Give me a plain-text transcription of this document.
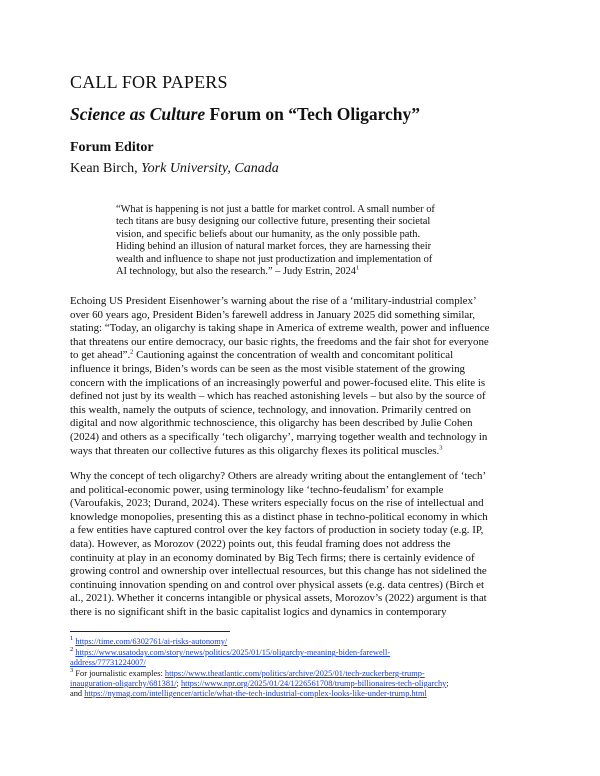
CALL FOR PAPERS
Science as Culture Forum on “Tech Oligarchy”
Forum Editor
Kean Birch, York University, Canada
“What is happening is not just a battle for market control. A small number of
tech titans are busy designing our collective future, presenting their societal
vision, and specific beliefs about our humanity, as the only possible path.
Hiding behind an illusion of natural market forces, they are harnessing their
wealth and influence to shape not just productization and implementation of
AI technology, but also the research.” – Judy Estrin, 2024$^1$
Echoing US President Eisenhower’s warning about the rise of a ‘military-industrial complex’
over 60 years ago, President Biden’s farewell address in January 2025 did something similar,
stating: “Today, an oligarchy is taking shape in America of extreme wealth, power and influence
that threatens our entire democracy, our basic rights, the freedoms and the fair shot for everyone
to get ahead”.$^2$ Cautioning against the concentration of wealth and concomitant political
influence it brings, Biden’s words can be seen as the most visible statement of the growing
concern with the implications of an increasingly powerful and power-focused elite. This elite is
defined not just by its wealth – which has reached astonishing levels – but also by the source of
this wealth, namely the outputs of science, technology, and innovation. Primarily centred on
digital and now algorithmic technoscience, this oligarchy has been described by Julie Cohen
(2024) and others as a specifically ‘tech oligarchy’, marrying together wealth and technology in
ways that threaten our collective futures as this oligarchy flexes its political muscles.$^3$
Why the concept of tech oligarchy? Others are already writing about the entanglement of ‘tech’
and political-economic power, using terminology like ‘techno-feudalism’ for example
(Varoufakis, 2023; Durand, 2024). These writers especially focus on the rise of intellectual and
knowledge monopolies, presenting this as a distinct phase in techno-political economy in which
a few entities have captured control over the key factors of production in society today (e.g. IP,
data). However, as Morozov (2022) points out, this feudal framing does not address the
continuity at play in an economy dominated by Big Tech firms; there is certainly evidence of
growing control and ownership over intellectual resources, but this change has not sidelined the
continuing innovation spending on and control over physical assets (e.g. data centres) (Birch et
al., 2021). Whether it concerns intangible or physical assets, Morozov’s (2022) argument is that
there is no significant shift in the basic capitalist logics and dynamics in contemporary
$^1$ https://time.com/6302761/ai-risks-autonomy/
$^2$ https://www.usatoday.com/story/news/politics/2025/01/15/oligarchy-meaning-biden-farewell-
address/77731224007/
$^3$ For journalistic examples: https://www.theatlantic.com/politics/archive/2025/01/tech-zuckerberg-trump-
inauguration-oligarchy/681381/; https://www.npr.org/2025/01/24/1226561708/trump-billionaires-tech-oligarchy;
and https://nymag.com/intelligencer/article/what-the-tech-industrial-complex-looks-like-under-trump.html
